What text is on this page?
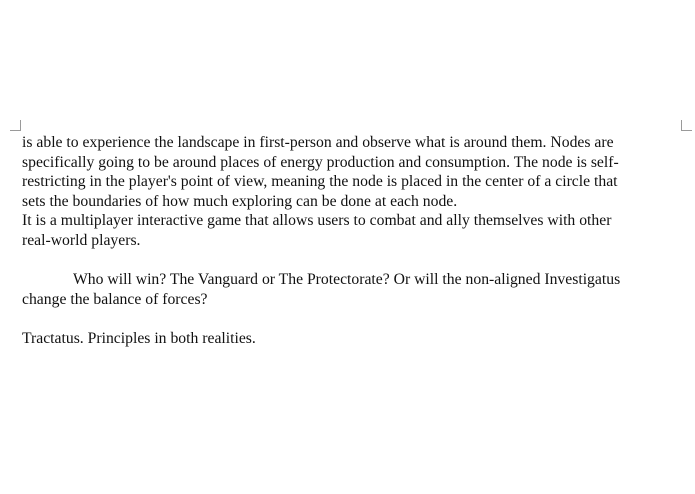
is able to experience the landscape in first-person and observe what is around them. Nodes are
specifically going to be around places of energy production and consumption. The node is self-
restricting in the player's point of view, meaning the node is placed in the center of a circle that
sets the boundaries of how much exploring can be done at each node.
It is a multiplayer interactive game that allows users to combat and ally themselves with other
real-world players.
Who will win? The Vanguard or The Protectorate? Or will the non-aligned Investigatus
change the balance of forces?
Tractatus. Principles in both realities.
